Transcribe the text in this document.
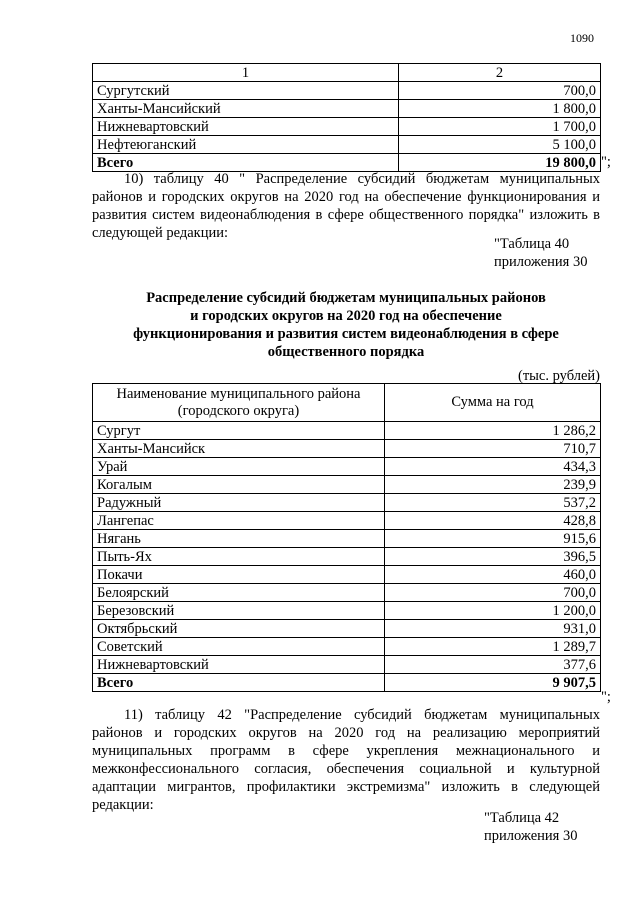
1090
1	2
Сургутский	700,0
Ханты-Мансийский	1 800,0
Нижневартовский	1 700,0
Нефтеюганский	5 100,0
Всего	19 800,0 ";

10) таблицу 40 " Распределение субсидий бюджетам муниципальных районов и городских округов на 2020 год на обеспечение функционирования и развития систем видеонаблюдения в сфере общественного порядка" изложить в следующей редакции:

"Таблица 40
приложения 30
Распределение субсидий бюджетам муниципальных районов
и городских округов на 2020 год на обеспечение
функционирования и развития систем видеонаблюдения в сфере
общественного порядка
(тыс. рублей)
Наименование муниципального района (городского округа)	Сумма на год
Сургут	1 286,2
Ханты-Мансийск	710,7
Урай	434,3
Когалым	239,9
Радужный	537,2
Лангепас	428,8
Нягань	915,6
Пыть-Ях	396,5
Покачи	460,0
Белоярский	700,0
Березовский	1 200,0
Октябрьский	931,0
Советский	1 289,7
Нижневартовский	377,6
Всего	9 907,5
";

11) таблицу 42 "Распределение субсидий бюджетам муниципальных районов и городских округов на 2020 год на реализацию мероприятий муниципальных программ в сфере укрепления межнационального и межконфессионального согласия, обеспечения социальной и культурной адаптации мигрантов, профилактики экстремизма" изложить в следующей редакции:

"Таблица 42
приложения 30
